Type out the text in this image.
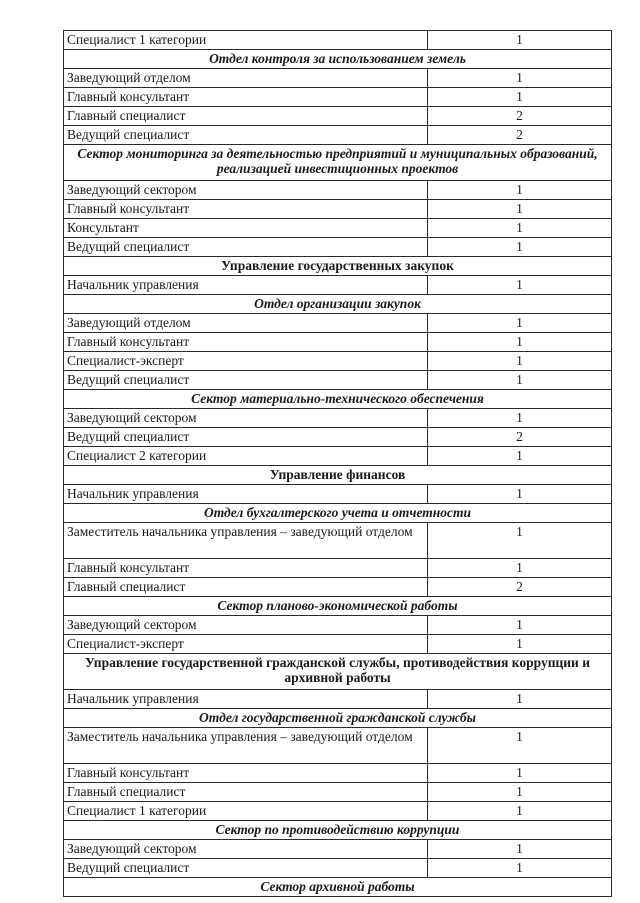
Специалист 1 категории	1
Отдел контроля за использованием земель	
Заведующий отделом	1
Главный консультант	1
Главный специалист	2
Ведущий специалист	2
Сектор мониторинга за деятельностью предприятий и муниципальных образований, реализацией инвестиционных проектов	
Заведующий сектором	1
Главный консультант	1
Консультант	1
Ведущий специалист	1
Управление государственных закупок	
Начальник управления	1
Отдел организации закупок	
Заведующий отделом	1
Главный консультант	1
Специалист-эксперт	1
Ведущий специалист	1
Сектор материально-технического обеспечения	
Заведующий сектором	1
Ведущий специалист	2
Специалист 2 категории	1
Управление финансов	
Начальник управления	1
Отдел бухгалтерского учета и отчетности	
Заместитель начальника управления – заведующий отделом	1
Главный консультант	1
Главный специалист	2
Сектор планово-экономической работы	
Заведующий сектором	1
Специалист-эксперт	1
Управление государственной гражданской службы, противодействия коррупции и архивной работы	
Начальник управления	1
Отдел государственной гражданской службы	
Заместитель начальника управления – заведующий отделом	1
Главный консультант	1
Главный специалист	1
Специалист 1 категории	1
Сектор по противодействию коррупции	
Заведующий сектором	1
Ведущий специалист	1
Сектор архивной работы	
